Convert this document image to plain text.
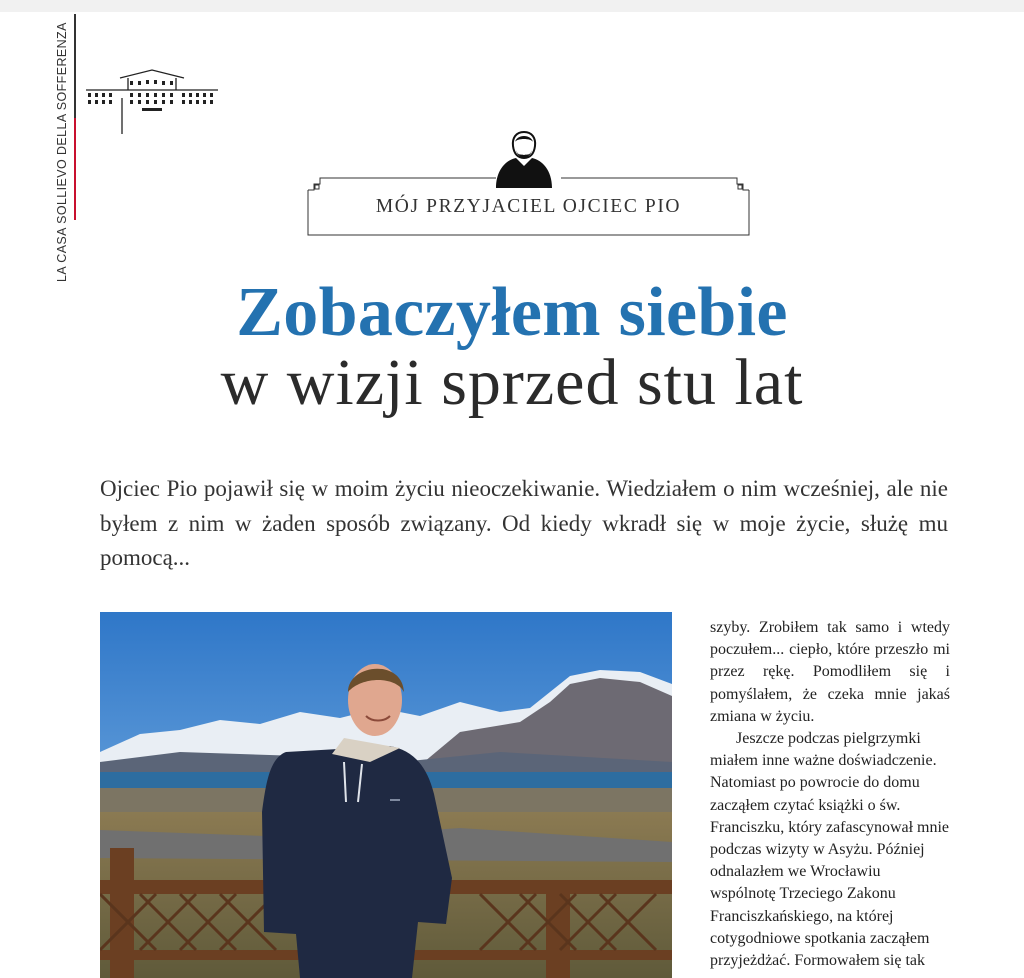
LA CASA SOLLIEVO DELLA SOFFERENZA	MÓJ PRZYJACIEL OJCIEC PIO
Zobaczyłem siebie
w wizji sprzed stu lat

Ojciec Pio pojawił się w moim życiu nieoczekiwanie. Wiedziałem o nim wcześniej, ale nie byłem z nim w żaden sposób związany. Od kiedy wkradł się w moje życie, służę mu pomocą...

szyby. Zrobiłem tak samo i wtedy poczułem... ciepło, które przeszło mi przez rękę. Pomodliłem się i pomyślałem, że czeka mnie jakaś zmiana w życiu.

Jeszcze podczas pielgrzymki miałem inne ważne doświadczenie. Natomiast po powrocie do domu zacząłem czytać książki o św. Franciszku, który zafascynował mnie podczas wizyty w Asyżu. Później odnalazłem we Wrocławiu wspólnotę Trzeciego Zakonu Franciszkańskiego, na której cotygodniowe spotkania zacząłem przyjeżdżać. Formowałem się tak
